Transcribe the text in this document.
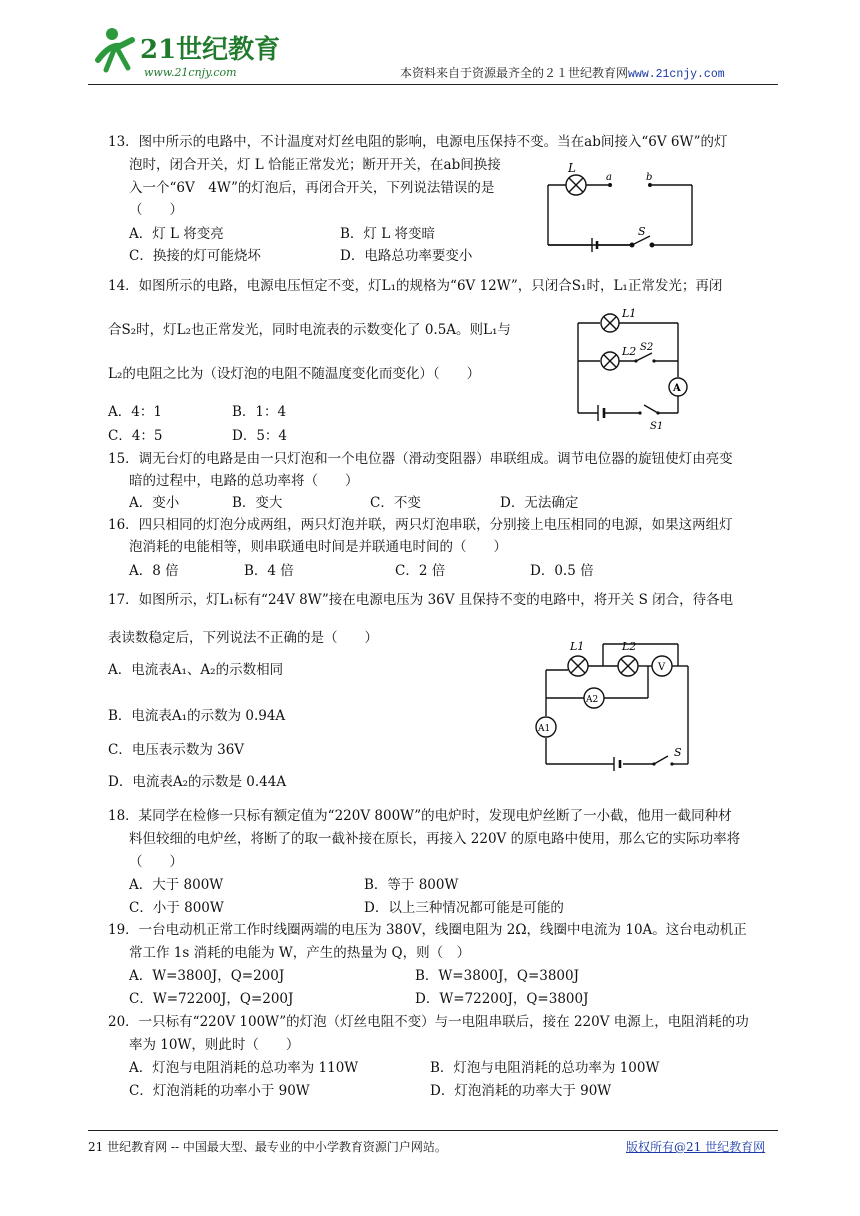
21世纪教育
www.21cnjy.com	本资料来自于资源最齐全的２１世纪教育网www.21cnjy.com
13．图中所示的电路中，不计温度对灯丝电阻的影响，电源电压保持不变。当在ab间接入“6V 6W”的灯
泡时，闭合开关，灯 L 恰能正常发光；断开开关，在ab间换接
入一个“6V　4W”的灯泡后，再闭合开关，下列说法错误的是
（　　）
A．灯 L 将变亮	B．灯 L 将变暗
C．换接的灯可能烧坏	D．电路总功率要变小
L
a	b
S
14．如图所示的电路，电源电压恒定不变，灯L₁的规格为“6V 12W”，只闭合S₁时，L₁正常发光；再闭
合S₂时，灯L₂也正常发光，同时电流表的示数变化了 0.5A。则L₁与
L₂的电阻之比为（设灯泡的电阻不随温度变化而变化）（　　）
A．4：1	B．1：4
C．4：5	D．5：4
L1
L2 S2
A
S1
15．调无台灯的电路是由一只灯泡和一个电位器（滑动变阻器）串联组成。调节电位器的旋钮使灯由亮变
暗的过程中，电路的总功率将（　　）
A．变小	B．变大	C．不变	D．无法确定
16．四只相同的灯泡分成两组，两只灯泡并联，两只灯泡串联，分别接上电压相同的电源，如果这两组灯
泡消耗的电能相等，则串联通电时间是并联通电时间的（　　）
A．8 倍	B．4 倍	C．2 倍	D．0.5 倍
17．如图所示，灯L₁标有“24V 8W”接在电源电压为 36V 且保持不变的电路中，将开关 S 闭合，待各电
表读数稳定后，下列说法不正确的是（　　）
A．电流表A₁、A₂的示数相同
B．电流表A₁的示数为 0.94A
C．电压表示数为 36V
D．电流表A₂的示数是 0.44A
L1	L2
V
A2
A1
S
18．某同学在检修一只标有额定值为“220V 800W”的电炉时，发现电炉丝断了一小截，他用一截同种材
料但较细的电炉丝，将断了的取一截补接在原长，再接入 220V 的原电路中使用，那么它的实际功率将
（　　）
A．大于 800W	B．等于 800W
C．小于 800W	D．以上三种情况都可能是可能的
19．一台电动机正常工作时线圈两端的电压为 380V，线圈电阻为 2Ω，线圈中电流为 10A。这台电动机正
常工作 1s 消耗的电能为 W，产生的热量为 Q，则（　）
A．W=3800J，Q=200J	B．W=3800J，Q=3800J
C．W=72200J，Q=200J	D．W=72200J，Q=3800J
20．一只标有“220V 100W”的灯泡（灯丝电阻不变）与一电阻串联后，接在 220V 电源上，电阻消耗的功
率为 10W，则此时（　　）
A．灯泡与电阻消耗的总功率为 110W	B．灯泡与电阻消耗的总功率为 100W
C．灯泡消耗的功率小于 90W	D．灯泡消耗的功率大于 90W
21 世纪教育网 -- 中国最大型、最专业的中小学教育资源门户网站。	版权所有@21 世纪教育网
